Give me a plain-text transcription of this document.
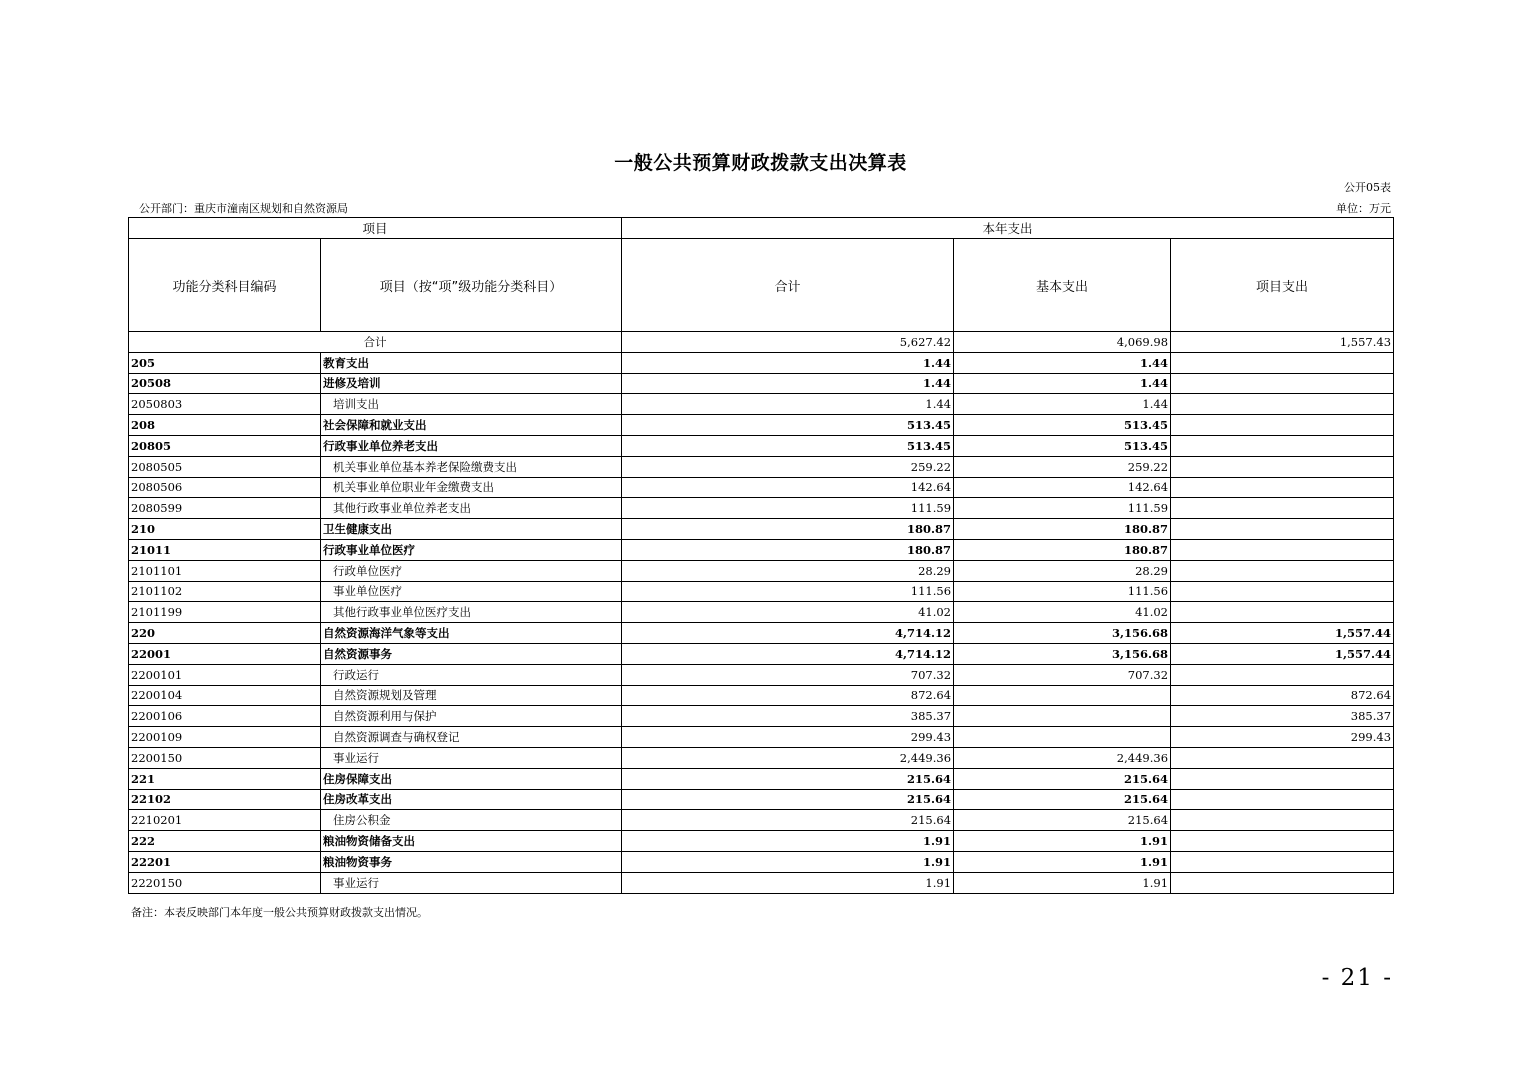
一般公共预算财政拨款支出决算表
公开05表
公开部门：重庆市潼南区规划和自然资源局	单位：万元
项目		本年支出		
功能分类科目编码	项目（按“项”级功能分类科目）	合计	基本支出	项目支出
合计		5,627.42	4,069.98	1,557.43
205	教育支出	1.44	1.44	
20508	进修及培训	1.44	1.44	
2050803	培训支出	1.44	1.44	
208	社会保障和就业支出	513.45	513.45	
20805	行政事业单位养老支出	513.45	513.45	
2080505	机关事业单位基本养老保险缴费支出	259.22	259.22	
2080506	机关事业单位职业年金缴费支出	142.64	142.64	
2080599	其他行政事业单位养老支出	111.59	111.59	
210	卫生健康支出	180.87	180.87	
21011	行政事业单位医疗	180.87	180.87	
2101101	行政单位医疗	28.29	28.29	
2101102	事业单位医疗	111.56	111.56	
2101199	其他行政事业单位医疗支出	41.02	41.02	
220	自然资源海洋气象等支出	4,714.12	3,156.68	1,557.44
22001	自然资源事务	4,714.12	3,156.68	1,557.44
2200101	行政运行	707.32	707.32	
2200104	自然资源规划及管理	872.64		872.64
2200106	自然资源利用与保护	385.37		385.37
2200109	自然资源调查与确权登记	299.43		299.43
2200150	事业运行	2,449.36	2,449.36	
221	住房保障支出	215.64	215.64	
22102	住房改革支出	215.64	215.64	
2210201	住房公积金	215.64	215.64	
222	粮油物资储备支出	1.91	1.91	
22201	粮油物资事务	1.91	1.91	
2220150	事业运行	1.91	1.91	
备注：本表反映部门本年度一般公共预算财政拨款支出情况。
- 21 -
